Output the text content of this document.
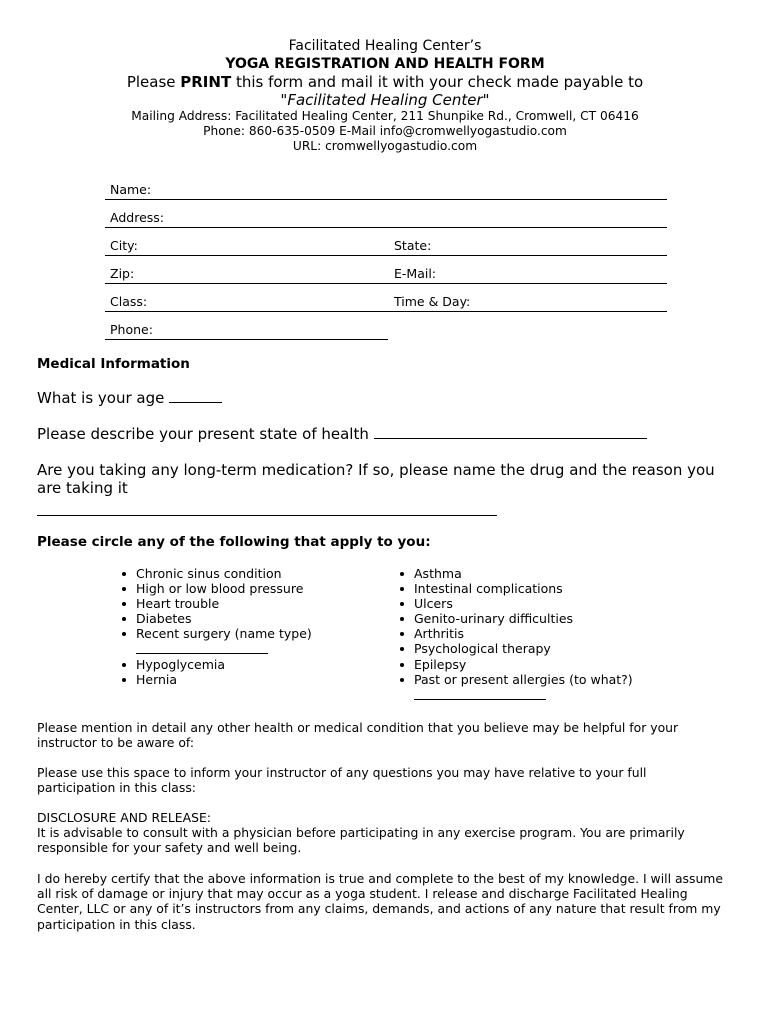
Facilitated Healing Center’s
YOGA REGISTRATION AND HEALTH FORM
Please PRINT this form and mail it with your check made payable to
"Facilitated Healing Center"
Mailing Address: Facilitated Healing Center, 211 Shunpike Rd., Cromwell, CT 06416
Phone: 860-635-0509 E-Mail info@cromwellyogastudio.com
URL: cromwellyogastudio.com
Name:
Address:
City:	State:
Zip:	E-Mail:
Class:	Time & Day:
Phone:
Medical Information
What is your age
Please describe your present state of health
Are you taking any long-term medication? If so, please name the drug and the reason you
are taking it
Please circle any of the following that apply to you:
Chronic sinus condition
High or low blood pressure
Heart trouble
Diabetes
Recent surgery (name type)
Hypoglycemia
Hernia
Asthma
Intestinal complications
Ulcers
Genito-urinary difficulties
Arthritis
Psychological therapy
Epilepsy
Past or present allergies (to what?)
Please mention in detail any other health or medical condition that you believe may be helpful for your
instructor to be aware of:
Please use this space to inform your instructor of any questions you may have relative to your full
participation in this class:
DISCLOSURE AND RELEASE:
It is advisable to consult with a physician before participating in any exercise program. You are primarily
responsible for your safety and well being.
I do hereby certify that the above information is true and complete to the best of my knowledge. I will assume
all risk of damage or injury that may occur as a yoga student. I release and discharge Facilitated Healing
Center, LLC or any of it’s instructors from any claims, demands, and actions of any nature that result from my
participation in this class.
